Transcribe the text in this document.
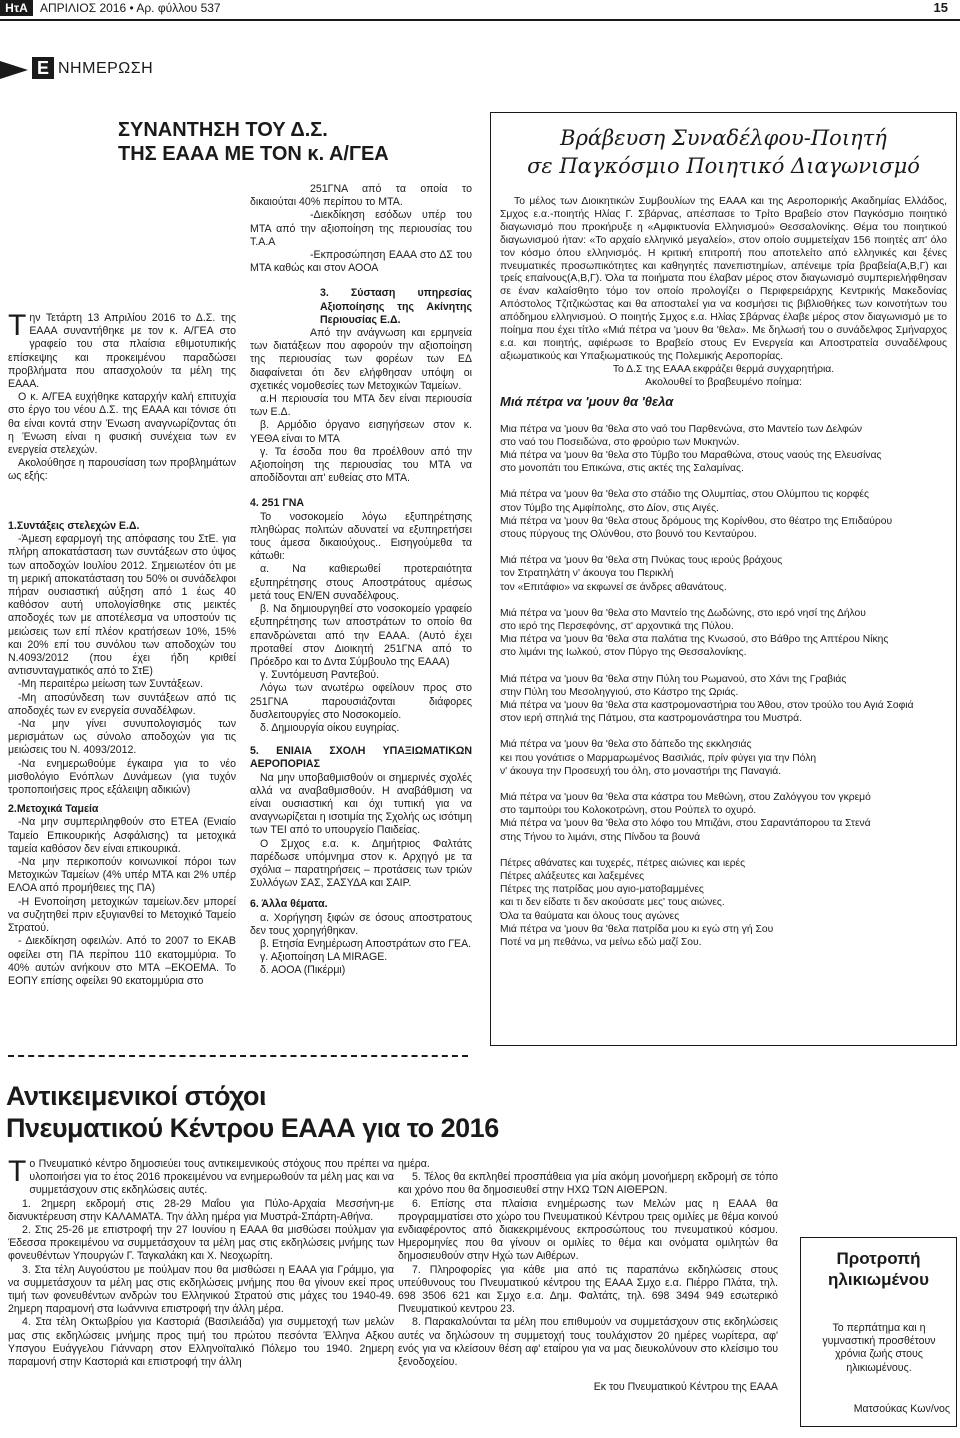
ΗτΑ	ΑΠΡΙΛΙΟΣ 2016 • Αρ. φύλλου 537	15
Ε ΝΗΜΕΡΩΣΗ
ΣΥΝΑΝΤΗΣΗ ΤΟΥ Δ.Σ.
ΤΗΣ ΕΑΑΑ ΜΕ ΤΟΝ κ. Α/ΓΕΑ

Την Τετάρτη 13 Απριλίου 2016 το Δ.Σ. της ΕΑΑΑ συναντήθηκε με τον κ. Α/ΓΕΑ στο γραφείο του στα πλαίσια εθιμοτυπικής επίσκεψης και προκειμένου παραδώσει προβλήματα που απασχολούν τα μέλη της ΕΑΑΑ.

Ο κ. Α/ΓΕΑ ευχήθηκε καταρχήν καλή επιτυχία στο έργο του νέου Δ.Σ. της ΕΑΑΑ και τόνισε ότι θα είναι κοντά στην Ένωση αναγνωρίζοντας ότι η Ένωση είναι η φυσική συνέχεια των εν ενεργεία στελεχών.

Ακολούθησε η παρουσίαση των προβλημάτων ως εξής:

1.Συντάξεις στελεχών Ε.Δ.

-Άμεση εφαρμογή της απόφασης του ΣτΕ. για πλήρη αποκατάσταση των συντάξεων στο ύψος των αποδοχών Ιουλίου 2012. Σημειωτέον ότι με τη μερική αποκατάσταση του 50% οι συνάδελφοι πήραν ουσιαστική αύξηση από 1 έως 40 καθόσον αυτή υπολογίσθηκε στις μεικτές αποδοχές των με αποτέλεσμα να υποστούν τις μειώσεις των επί πλέον κρατήσεων 10%, 15% και 20% επί του συνόλου των αποδοχών του Ν.4093/2012 (που έχει ήδη κριθεί αντισυνταγματικός από το ΣτΕ)

-Μη περαιτέρω μείωση των Συντάξεων.

-Μη αποσύνδεση των συντάξεων από τις αποδοχές των εν ενεργεία συναδέλφων.

-Να μην γίνει συνυπολογισμός των μερισμάτων ως σύνολο αποδοχών για τις μειώσεις του Ν. 4093/2012.

-Να ενημερωθούμε έγκαιρα για το νέο μισθολόγιο Ενόπλων Δυνάμεων (για τυχόν τροποποιήσεις προς εξάλειψη αδικιών)

2.Μετοχικά Ταμεία

-Να μην συμπεριληφθούν στο ΕΤΕΑ (Ενιαίο Ταμείο Επικουρικής Ασφάλισης) τα μετοχικά ταμεία καθόσον δεν είναι επικουρικά.

-Να μην περικοπούν κοινωνικοί πόροι των Μετοχικών Ταμείων (4% υπέρ ΜΤΑ και 2% υπέρ ΕΛΟΑ από προμήθειες της ΠΑ)

-Η Ενοποίηση μετοχικών ταμείων.δεν μπορεί να συζητηθεί πριν εξυγιανθεί το Μετοχικό Ταμείο Στρατού.

- Διεκδίκηση οφειλών. Από το 2007 το ΕΚΑΒ οφείλει στη ΠΑ περίπου 110 εκατομμύρια. Το 40% αυτών ανήκουν στο ΜΤΑ –ΕΚΟΕΜΑ. Το ΕΟΠΥ επίσης οφείλει 90 εκατομμύρια στο

251ΓΝΑ από τα οποία το δικαιούται 40% περίπου το ΜΤΑ.

-Διεκδίκηση εσόδων υπέρ του ΜΤΑ από την αξιοποίηση της περιουσίας του Τ.Α.Α

-Εκπροσώπηση ΕΑΑΑ στο ΔΣ του ΜΤΑ καθώς και στον ΑΟΟΑ

3. Σύσταση υπηρεσίας Αξιοποίησης της Ακίνητης Περιουσίας Ε.Δ.

Από την ανάγνωση και ερμηνεία των διατάξεων που αφορούν την αξιοποίηση της περιουσίας των φορέων των ΕΔ διαφαίνεται ότι δεν ελήφθησαν υπόψη οι σχετικές νομοθεσίες των Μετοχικών Ταμείων.

α.Η περιουσία του ΜΤΑ δεν είναι περιουσία των Ε.Δ.

β. Αρμόδιο όργανο εισηγήσεων στον κ. ΥΕΘΑ είναι το ΜΤΑ

γ. Τα έσοδα που θα προέλθουν από την Αξιοποίηση της περιουσίας του ΜΤΑ να αποδίδονται απ' ευθείας στο ΜΤΑ.

4. 251 ΓΝΑ

Το νοσοκομείο λόγω εξυπηρέτησης πληθώρας πολιτών αδυνατεί να εξυπηρετήσει τους άμεσα δικαιούχους.. Εισηγούμεθα τα κάτωθι:

α. Να καθιερωθεί προτεραιότητα εξυπηρέτησης στους Αποστράτους αμέσως μετά τους ΕΝ/ΕΝ συναδέλφους.

β. Να δημιουργηθεί στο νοσοκομείο γραφείο εξυπηρέτησης των αποστράτων το οποίο θα επανδρώνεται από την ΕΑΑΑ. (Αυτό έχει προταθεί στον Διοικητή 251ΓΝΑ από το Πρόεδρο και το Δντα Σύμβουλο της ΕΑΑΑ)

γ. Συντόμευση Ραντεβού.

Λόγω των ανωτέρω οφείλουν προς στο 251ΓΝΑ παρουσιάζονται διάφορες δυσλειτουργίες στο Νοσοκομείο.

δ. Δημιουργία οίκου ευγηρίας.

5. ΕΝΙΑΙΑ ΣΧΟΛΗ ΥΠΑΞΙΩΜΑΤΙΚΩΝ ΑΕΡΟΠΟΡΙΑΣ

Να μην υποβαθμισθούν οι σημερινές σχολές αλλά να αναβαθμισθούν. Η αναβάθμιση να είναι ουσιαστική και όχι τυπική για να αναγνωρίζεται η ισοτιμία της Σχολής ως ισότιμη των ΤΕΙ από το υπουργείο Παιδείας.

Ο Σμχος ε.α. κ. Δημήτριος Φαλτάτς παρέδωσε υπόμνημα στον κ. Αρχηγό με τα σχόλια – παρατηρήσεις – προτάσεις των τριών Συλλόγων ΣΑΣ, ΣΑΣΥΔΑ και ΣΑΙΡ.

6. Άλλα θέματα.

α. Χορήγηση ξιφών σε όσους αποστρατους δεν τους χορηγήθηκαν.

β. Ετησία Ενημέρωση Αποστράτων στο ΓΕΑ.

γ. Αξιοποίηση LA MIRAGE.

δ. ΑΟΟΑ (Πικέρμι)

Βράβευση Συναδέλφου-Ποιητή
σε Παγκόσμιο Ποιητικό Διαγωνισμό

Το μέλος των Διοικητικών Συμβουλίων της ΕΑΑΑ και της Αεροπορικής Ακαδημίας Ελλάδος, Σμχος ε.α.-ποιητής Ηλίας Γ. Σβάρνας, απέσπασε το Τρίτο Βραβείο στον Παγκόσμιο ποιητικό διαγωνισμό που προκήρυξε η «Αμφικτυονία Ελληνισμού» Θεσσαλονίκης. Θέμα του ποιητικού διαγωνισμού ήταν: «Το αρχαίο ελληνικό μεγαλείο», στον οποίο συμμετείχαν 156 ποιητές απ' όλο τον κόσμο όπου ελληνισμός. Η κριτική επιτροπή που αποτελείτο από ελληνικές και ξένες πνευματικές προσωπικότητες και καθηγητές πανεπιστημίων, απένειμε τρία βραβεία(Α,Β,Γ) και τρείς επαίνους(Α,Β,Γ). Όλα τα ποιήματα που έλαβαν μέρος στον διαγωνισμό συμπεριελήφθησαν σε έναν καλαίσθητο τόμο τον οποίο προλογίζει ο Περιφερειάρχης Κεντρικής Μακεδονίας Απόστολος Τζιτζικώστας και θα αποσταλεί για να κοσμήσει τις βιβλιοθήκες των κοινοτήτων του απόδημου ελληνισμού. Ο ποιητής Σμχος ε.α. Ηλίας Σβάρνας έλαβε μέρος στον διαγωνισμό με το ποίημα που έχει τίτλο «Μιά πέτρα να 'μουν θα 'θελα». Με δηλωσή του ο συνάδελφος Σμήναρχος ε.α. και ποιητής, αφιέρωσε το Βραβείο στους Εν Ενεργεία και Αποστρατεία συναδέλφους αξιωματικούς και Υπαξιωματικούς της Πολεμικής Αεροπορίας.

Το Δ.Σ της ΕΑΑΑ εκφράζει θερμά συγχαρητήρια.

Ακολουθεί το βραβευμένο ποίημα:

Μιά πέτρα να 'μουν θα 'θελα

Μια πέτρα να 'μουν θα 'θελα στο ναό του Παρθενώνα, στο Μαντείο των Δελφών
στο ναό του Ποσειδώνα, στο φρούριο των Μυκηνών.
Μιά πέτρα να 'μουν θα 'θελα στο Τύμβο του Μαραθώνα, στους ναούς της Ελευσίνας
στο μονοπάτι του Επικώνα, στις ακτές της Σαλαμίνας.
Μιά πέτρα να 'μουν θα 'θελα στο στάδιο της Ολυμπίας, στου Ολύμπου τις κορφές
στον Τύμβο της Αμφίπολης, στο Δίον, στις Αιγές.
Μιά πέτρα να 'μουν θα 'θελα στους δρόμους της Κορίνθου, στο θέατρο της Επιδαύρου
στους πύργους της Ολύνθου, στο βουνό του Κενταύρου.
Μιά πέτρα να 'μουν θα 'θελα στη Πνύκας τους ιερούς βράχους
τον Στρατηλάτη ν' άκουγα του Περικλή
τον «Επιτάφιο» να εκφωνεί σε άνδρες αθανάτους.
Μιά πέτρα να 'μουν θα 'θελα στο Μαντείο της Δωδώνης, στο ιερό νησί της Δήλου
στο ιερό της Περσεφόνης, στ' αρχοντικά της Πύλου.
Μια πέτρα να 'μουν θα 'θελα στα παλάτια της Κνωσού, στο Βάθρο της Απτέρου Νίκης
στο λιμάνι της Ιωλκού, στον Πύργο της Θεσσαλονίκης.
Μιά πέτρα να 'μουν θα 'θελα στην Πύλη του Ρωμανού, στο Χάνι της Γραβιάς
στην Πύλη του Μεσοληγγιού, στο Κάστρο της Ωριάς.
Μιά πέτρα να 'μουν θα 'θελα στα καστρομοναστήρια του Άθου, στον τρούλο του Αγιά Σοφιά
στον ιερή σπηλιά της Πάτμου, στα καστρομονάστηρα του Μυστρά.
Μιά πέτρα να 'μουν θα 'θελα στο δάπεδο της εκκλησιάς
κει που γονάτισε ο Μαρμαρωμένος Βασιλιάς, πρίν φύγει για την Πόλη
ν' άκουγα την Προσευχή του όλη, στο μοναστήρι της Παναγιά.
Μιά πέτρα να 'μουν θα 'θελα στα κάστρα του Μεθώνη, στου Ζαλόγγου τον γκρεμό
στο ταμπούρι του Κολοκοτρώνη, στου Ρούπελ το οχυρό.
Μιά πέτρα να 'μουν θα 'θελα στο λόφο του Μπιζάνι, στου Σαραντάπορου τα Στενά
στης Τήνου το λιμάνι, στης Πίνδου τα βουνά
Πέτρες αθάνατες και τυχερές, πέτρες αιώνιες και ιερές
Πέτρες αλάξευτες και λαξεμένες
Πέτρες της πατρίδας μου αγιο-ματοβαμμένες
και τι δεν είδατε τι δεν ακούσατε μες' τους αιώνες.
Όλα τα θαύματα και όλους τους αγώνες
Μιά πέτρα να 'μουν θα 'θελα πατρίδα μου κι εγώ στη γή Σου
Ποτέ να μη πεθάνω, να μείνω εδώ μαζί Σου.
Αντικειμενικοί στόχοι
Πνευματικού Κέντρου ΕΑΑΑ για το 2016

Το Πνευματικό κέντρο δημοσιεύει τους αντικειμενικούς στόχους που πρέπει να υλοποιήσει για το έτος 2016 προκειμένου να ενημερωθούν τα μέλη μας και να συμμετάσχουν στις εκδηλώσεις αυτές.

1. 2ημερη εκδρομή στις 28-29 Μαΐου για Πύλο-Αρχαία Μεσσήνη-με διανυκτέρευση στην ΚΑΛΑΜΑΤΑ. Την άλλη ημέρα για Μυστρά-Σπάρτη-Αθήνα.

2. Στις 25-26 με επιστροφή την 27 Ιουνίου η ΕΑΑΑ θα μισθώσει πούλμαν για Έδεσσα προκειμένου να συμμετάσχουν τα μέλη μας στις εκδηλώσεις μνήμης των φονευθέντων Υπουργών Γ. Ταγκαλάκη και Χ. Νεοχωρίτη.

3. Στα τέλη Αυγούστου με πούλμαν που θα μισθώσει η ΕΑΑΑ για Γράμμο, για να συμμετάσχουν τα μέλη μας στις εκδηλώσεις μνήμης που θα γίνουν εκεί προς τιμή των φονευθέντων ανδρών του Ελληνικού Στρατού στις μάχες του 1940-49. 2ημερη παραμονή στα Ιωάννινα επιστροφή την άλλη μέρα.

4. Στα τέλη Οκτωβρίου για Καστοριά (Βασιλειάδα) για συμμετοχή των μελών μας στις εκδηλώσεις μνήμης προς τιμή του πρώτου πεσόντα Έλληνα Αξκου Υπσγου Ευάγγελου Γιάνναρη στον Ελληνοϊταλικό Πόλεμο του 1940. 2ημερη παραμονή στην Καστοριά και επιστροφή την άλλη

ημέρα.

5. Τέλος θα εκπληθεί προσπάθεια για μία ακόμη μονοήμερη εκδρομή σε τόπο και χρόνο που θα δημοσιευθεί στην ΗΧΩ ΤΩΝ ΑΙΘΕΡΩΝ.

6. Επίσης στα πλαίσια ενημέρωσης των Μελών μας η ΕΑΑΑ θα προγραμματίσει στο χώρο του Πνευματικού Κέντρου τρεις ομιλίες με θέμα κοινού ενδιαφέροντος από διακεκριμένους εκπροσώπους του πνευματικού κόσμου. Ημερομηνίες που θα γίνουν οι ομιλίες το θέμα και ονόματα ομιλητών θα δημοσιευθούν στην Ηχώ των Αιθέρων.

7. Πληροφορίες για κάθε μια από τις παραπάνω εκδηλώσεις στους υπεύθυνους του Πνευματικού κέντρου της ΕΑΑΑ Σμχο ε.α. Πιέρρο Πλάτα, τηλ. 698 3506 621 και Σμχο ε.α. Δημ. Φαλτάτς, τηλ. 698 3494 949 εσωτερικό Πνευματικού κεντρου 23.

8. Παρακαλούνται τα μέλη που επιθυμούν να συμμετάσχουν στις εκδηλώσεις αυτές να δηλώσουν τη συμμετοχή τους τουλάχιστον 20 ημέρες νωρίτερα, αφ' ενός για να κλείσουν θέση αφ' εταίρου για να μας διευκολύνουν στο κλείσιμο του ξενοδοχείου.

Εκ του Πνευματικού Κέντρου της ΕΑΑΑ

Προτροπή
ηλικιωμένου
Το περπάτημα και η γυμναστική προσθέτουν χρόνια ζωής στους ηλικιωμένους.
Ματσούκας Κων/νος
